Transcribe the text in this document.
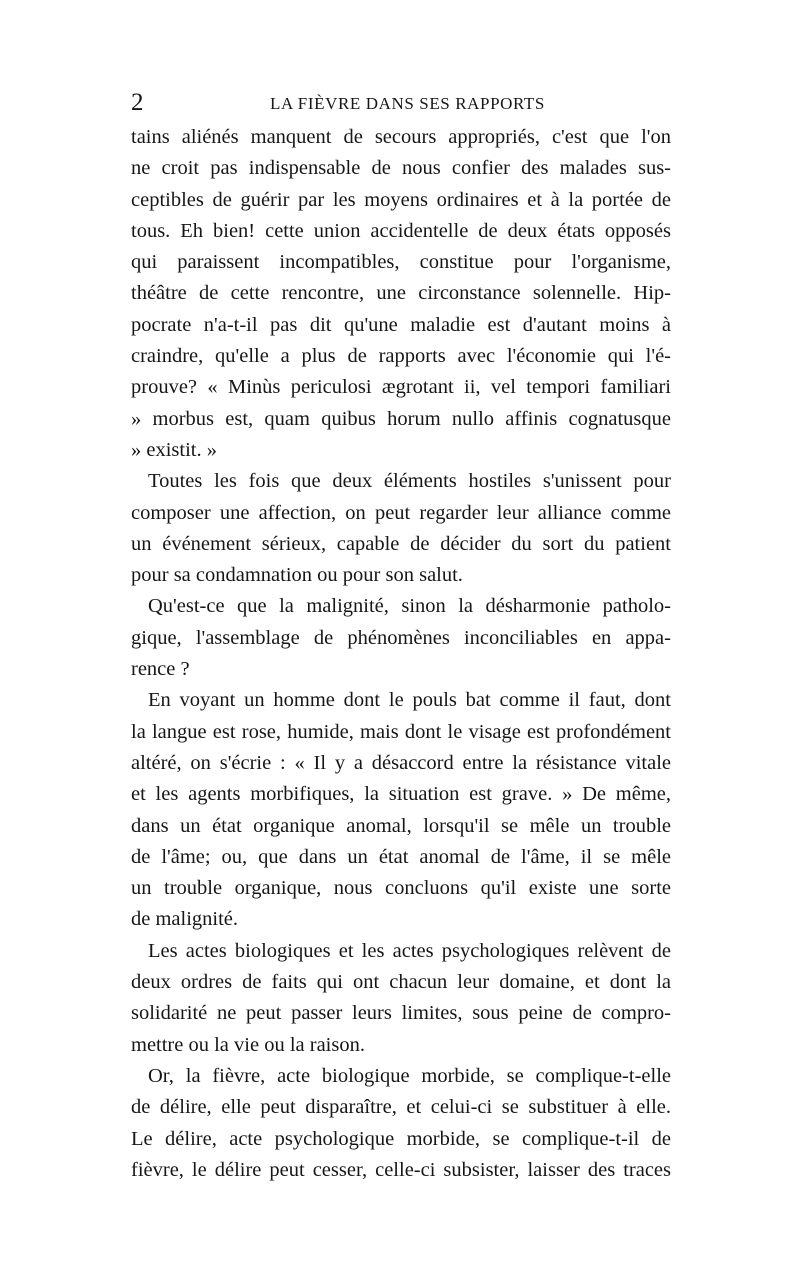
2	LA FIÈVRE DANS SES RAPPORTS
tains aliénés manquent de secours appropriés, c'est que l'on
ne croit pas indispensable de nous confier des malades sus-
ceptibles de guérir par les moyens ordinaires et à la portée de
tous. Eh bien! cette union accidentelle de deux états opposés
qui paraissent incompatibles, constitue pour l'organisme,
théâtre de cette rencontre, une circonstance solennelle. Hip-
pocrate n'a-t-il pas dit qu'une maladie est d'autant moins à
craindre, qu'elle a plus de rapports avec l'économie qui l'é-
prouve? « Minùs periculosi ægrotant ii, vel tempori familiari
» morbus est, quam quibus horum nullo affinis cognatusque
» existit. »
Toutes les fois que deux éléments hostiles s'unissent pour
composer une affection, on peut regarder leur alliance comme
un événement sérieux, capable de décider du sort du patient
pour sa condamnation ou pour son salut.
Qu'est-ce que la malignité, sinon la désharmonie patholo-
gique, l'assemblage de phénomènes inconciliables en appa-
rence ?
En voyant un homme dont le pouls bat comme il faut, dont
la langue est rose, humide, mais dont le visage est profondément
altéré, on s'écrie : « Il y a désaccord entre la résistance vitale
et les agents morbifiques, la situation est grave. » De même,
dans un état organique anomal, lorsqu'il se mêle un trouble
de l'âme; ou, que dans un état anomal de l'âme, il se mêle
un trouble organique, nous concluons qu'il existe une sorte
de malignité.
Les actes biologiques et les actes psychologiques relèvent de
deux ordres de faits qui ont chacun leur domaine, et dont la
solidarité ne peut passer leurs limites, sous peine de compro-
mettre ou la vie ou la raison.
Or, la fièvre, acte biologique morbide, se complique-t-elle
de délire, elle peut disparaître, et celui-ci se substituer à elle.
Le délire, acte psychologique morbide, se complique-t-il de
fièvre, le délire peut cesser, celle-ci subsister, laisser des traces
